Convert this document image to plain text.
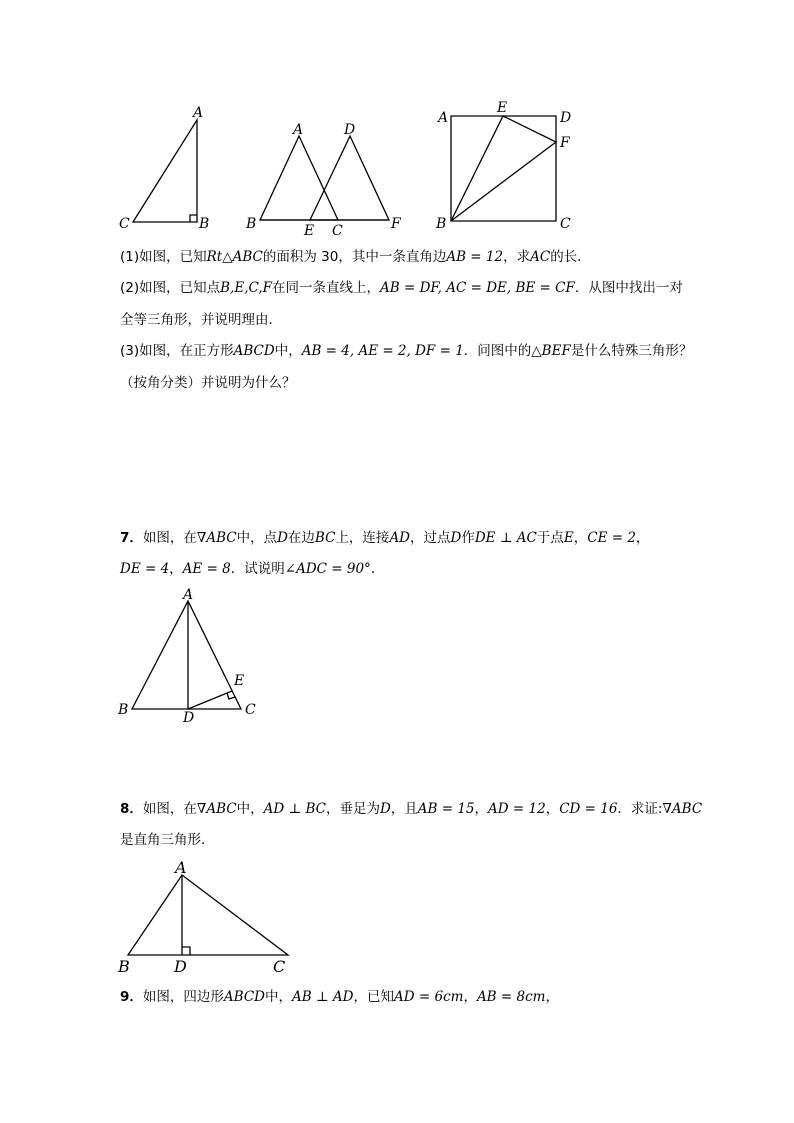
A
C	B
A	D
B	E C	F
A
E
D
F
B	C
(1)如图，已知Rt△ABC的面积为 30，其中一条直角边AB = 12，求AC的长．
(2)如图，已知点B,E,C,F在同一条直线上，AB = DF, AC = DE, BE = CF．从图中找出一对
全等三角形，并说明理由．
(3)如图，在正方形ABCD中，AB = 4, AE = 2, DF = 1．问图中的△BEF是什么特殊三角形？
（按角分类）并说明为什么？
7．如图，在∇ABC中，点D在边BC上，连接AD，过点D作DE ⊥ AC于点E，CE = 2，
DE = 4，AE = 8．试说明∠ADC = 90°．
A
E
B	D	C
8．如图，在∇ABC中，AD ⊥ BC，垂足为D，且AB = 15，AD = 12，CD = 16．求证:∇ABC
是直角三角形．
A
B	D	C
9．如图，四边形ABCD中，AB ⊥ AD，已知AD = 6cm，AB = 8cm，
